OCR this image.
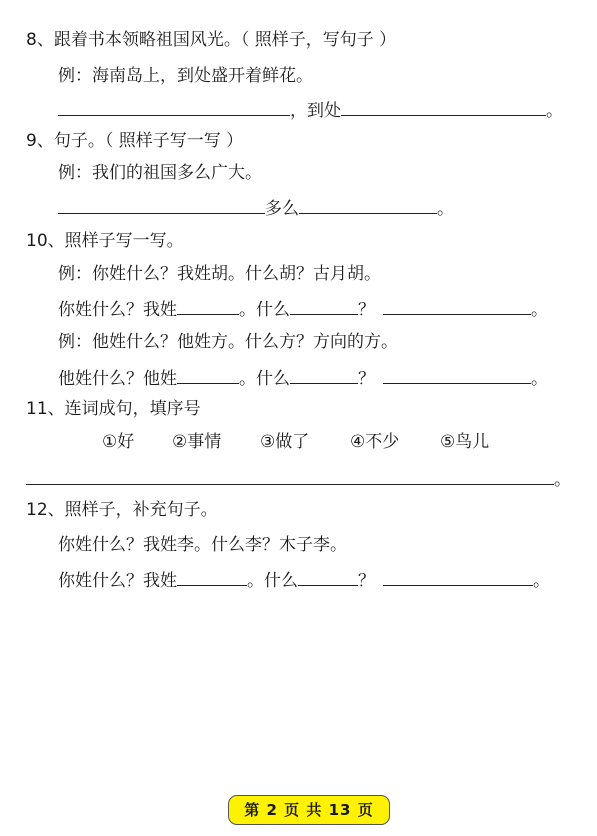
8、跟着书本领略祖国风光。（ 照样子，写句子 ）
例：海南岛上，到处盛开着鲜花。
，到处	。
9、句子。（ 照样子写一写 ）
例：我们的祖国多么广大。
多么	。
10、照样子写一写。
例：你姓什么？我姓胡。什么胡？古月胡。
你姓什么？我姓	。什么	？	。
例：他姓什么？他姓方。什么方？方向的方。
他姓什么？他姓	。什么	？	。
11、连词成句，填序号
①好 ②事情 ③做了 ④不少 ⑤鸟儿
。
12、照样子，补充句子。
你姓什么？我姓李。什么李？木子李。
你姓什么？我姓	。什么	？	。
第 2 页 共 13 页
